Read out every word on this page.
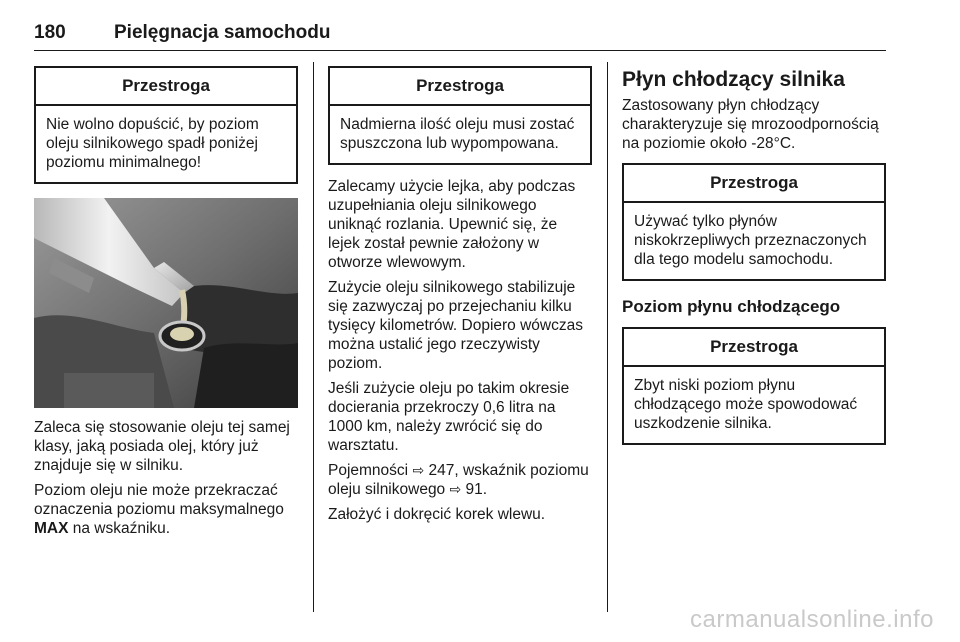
180	Pielęgnacja samochodu
Przestroga
Nie wolno dopuścić, by poziom oleju silnikowego spadł poniżej poziomu minimalnego!

Zaleca się stosowanie oleju tej samej klasy, jaką posiada olej, który już znajduje się w silniku.

Poziom oleju nie może przekraczać oznaczenia poziomu maksymalnego MAX na wskaźniku.

Przestroga
Nadmierna ilość oleju musi zostać spuszczona lub wypompowana.

Zalecamy użycie lejka, aby podczas uzupełniania oleju silnikowego uniknąć rozlania. Upewnić się, że lejek został pewnie założony w otworze wlewowym.

Zużycie oleju silnikowego stabilizuje się zazwyczaj po przejechaniu kilku tysięcy kilometrów. Dopiero wówczas można ustalić jego rzeczywisty poziom.

Jeśli zużycie oleju po takim okresie docierania przekroczy 0,6 litra na 1000 km, należy zwrócić się do warsztatu.

Pojemności ⇨ 247, wskaźnik poziomu oleju silnikowego ⇨ 91.

Założyć i dokręcić korek wlewu.

Płyn chłodzący silnika

Zastosowany płyn chłodzący charakteryzuje się mrozoodpornością na poziomie około -28°C.

Przestroga
Używać tylko płynów niskokrzepliwych przeznaczonych dla tego modelu samochodu.
Poziom płynu chłodzącego
Przestroga
Zbyt niski poziom płynu chłodzącego może spowodować uszkodzenie silnika.
carmanualsonline.info
